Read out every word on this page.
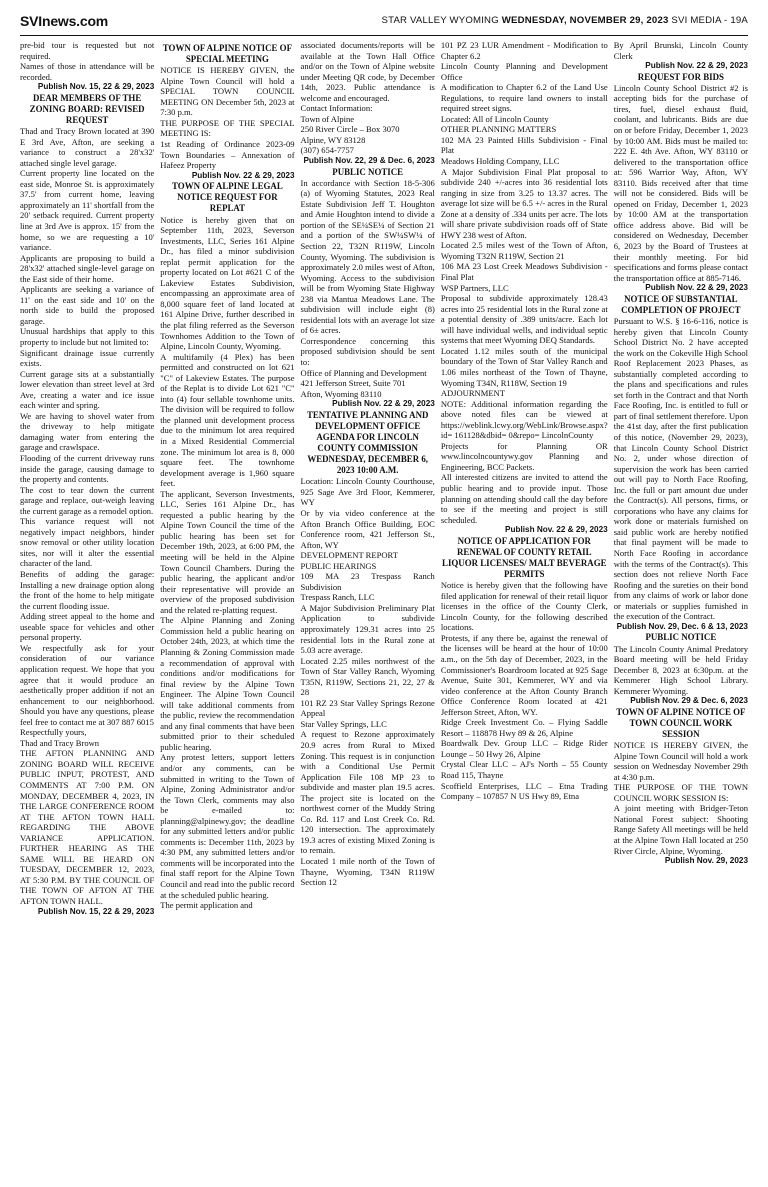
SVInews.com	STAR VALLEY WYOMING WEDNESDAY, NOVEMBER 29, 2023 SVI MEDIA - 19A

pre-bid tour is requested but not required.

Names of those in attendance will be recorded.

Publish Nov. 15, 22 & 29, 2023

DEAR MEMBERS OF THE ZONING BOARD: REVISED REQUEST

Thad and Tracy Brown located at 390 E 3rd Ave, Afton, are seeking a variance to construct a 28'x32' attached single level garage.

Current property line located on the east side, Monroe St. is approximately 37.5' from current home, leaving approximately an 11' shortfall from the 20' setback required. Current property line at 3rd Ave is approx. 15' from the home, so we are requesting a 10' variance.

Applicants are proposing to build a 28'x32' attached single-level garage on the East side of their home.

Applicants are seeking a variance of 11' on the east side and 10' on the north side to build the proposed garage.

Unusual hardships that apply to this property to include but not limited to:

Significant drainage issue currently exists.

Current garage sits at a substantially lower elevation than street level at 3rd Ave, creating a water and ice issue each winter and spring.

We are having to shovel water from the driveway to help mitigate damaging water from entering the garage and crawlspace.

Flooding of the current driveway runs inside the garage, causing damage to the property and contents.

The cost to tear down the current garage and replace, out-weigh leaving the current garage as a remodel option.

This variance request will not negatively impact neighbors, hinder snow removal or other utility location sites, nor will it alter the essential character of the land.

Benefits of adding the garage: Installing a new drainage option along the front of the home to help mitigate the current flooding issue.

Adding street appeal to the home and useable space for vehicles and other personal property.

We respectfully ask for your consideration of our variance application request. We hope that you agree that it would produce an aesthetically proper addition if not an enhancement to our neighborhood. Should you have any questions, please feel free to contact me at 307 887 6015

Respectfully yours,

Thad and Tracy Brown

THE AFTON PLANNING AND ZONING BOARD WILL RECEIVE PUBLIC INPUT, PROTEST, AND COMMENTS AT 7:00 P.M. ON MONDAY, DECEMBER 4, 2023, IN THE LARGE CONFERENCE ROOM AT THE AFTON TOWN HALL REGARDING THE ABOVE VARIANCE APPLICATION. FURTHER HEARING AS THE SAME WILL BE HEARD ON TUESDAY, DECEMBER 12, 2023, AT 5:30 P.M. BY THE COUNCIL OF THE TOWN OF AFTON AT THE AFTON TOWN HALL.

Publish Nov. 15, 22 & 29, 2023

TOWN OF ALPINE NOTICE OF SPECIAL MEETING

NOTICE IS HEREBY GIVEN, the Alpine Town Council will hold a SPECIAL TOWN COUNCIL MEETING ON December 5th, 2023 at 7:30 p.m.

THE PURPOSE OF THE SPECIAL MEETING IS:

1st Reading of Ordinance 2023-09 Town Boundaries – Annexation of Hafeez Property

Publish Nov. 22 & 29, 2023

TOWN OF ALPINE LEGAL NOTICE REQUEST FOR REPLAT

Notice is hereby given that on September 11th, 2023, Severson Investments, LLC, Series 161 Alpine Dr., has filed a minor subdivision replat permit application for the property located on Lot #621 C of the Lakeview Estates Subdivision, encompassing an approximate area of 8,000 square feet of land located at 161 Alpine Drive, further described in the plat filing referred as the Severson Townhomes Addition to the Town of Alpine, Lincoln County, Wyoming.

A multifamily (4 Plex) has been permitted and constructed on lot 621 "C" of Lakeview Estates. The purpose of the Replat is to divide Lot 621 "C" into (4) four sellable townhome units. The division will be required to follow the planned unit development process due to the minimum lot area required in a Mixed Residential Commercial zone. The minimum lot area is 8, 000 square feet. The townhome development average is 1,960 square feet.

The applicant, Severson Investments, LLC, Series 161 Alpine Dr., has requested a public hearing by the Alpine Town Council the time of the public hearing has been set for December 19th, 2023, at 6:00 PM, the meeting will be held in the Alpine Town Council Chambers. During the public hearing, the applicant and/or their representative will provide an overview of the proposed subdivision and the related re-platting request.

The Alpine Planning and Zoning Commission held a public hearing on October 24th, 2023, at which time the Planning & Zoning Commission made a recommendation of approval with conditions and/or modifications for final review by the Alpine Town Engineer. The Alpine Town Council will take additional comments from the public, review the recommendation and any final comments that have been submitted prior to their scheduled public hearing.

Any protest letters, support letters and/or any comments, can be submitted in writing to the Town of Alpine, Zoning Administrator and/or the Town Clerk, comments may also be e-mailed to: planning@alpinewy.gov; the deadline for any submitted letters and/or public comments is: December 11th, 2023 by 4:30 PM, any submitted letters and/or comments will be incorporated into the final staff report for the Alpine Town Council and read into the public record at the scheduled public hearing.

The permit application and

associated documents/reports will be available at the Town Hall Office and/or on the Town of Alpine website under Meeting QR code, by December 14th, 2023. Public attendance is welcome and encouraged.

Contact Information:

Town of Alpine

250 River Circle – Box 3070

Alpine, WY 83128

(307) 654-7757

Publish Nov. 22, 29 & Dec. 6, 2023

PUBLIC NOTICE

In accordance with Section 18-5-306 (a) of Wyoming Statutes, 2023 Real Estate Subdivision Jeff T. Houghton and Amie Houghton intend to divide a portion of the SE¼SE¼ of Section 21 and a portion of the SW¼SW¼ of Section 22, T32N R119W, Lincoln County, Wyoming. The subdivision is approximately 2.0 miles west of Afton, Wyoming. Access to the subdivision will be from Wyoming State Highway 238 via Mantua Meadows Lane. The subdivision will include eight (8) residential lots with an average lot size of 6± acres.

Correspondence concerning this proposed subdivision should be sent to:

Office of Planning and Development

421 Jefferson Street, Suite 701

Afton, Wyoming 83110

Publish Nov. 22 & 29, 2023

TENTATIVE PLANNING AND DEVELOPMENT OFFICE AGENDA FOR LINCOLN COUNTY COMMISSION WEDNESDAY, DECEMBER 6, 2023 10:00 A.M.

Location: Lincoln County Courthouse, 925 Sage Ave 3rd Floor, Kemmerer, WY

Or by via video conference at the Afton Branch Office Building, EOC Conference room, 421 Jefferson St., Afton, WY

DEVELOPMENT REPORT

PUBLIC HEARINGS

109 MA 23 Trespass Ranch Subdivision

Trespass Ranch, LLC

A Major Subdivision Preliminary Plat Application to subdivide approximately 129.31 acres into 25 residential lots in the Rural zone at 5.03 acre average.

Located 2.25 miles northwest of the Town of Star Valley Ranch, Wyoming T35N, R119W, Sections 21, 22, 27 & 28

101 RZ 23 Star Valley Springs Rezone Appeal

Star Valley Springs, LLC

A request to Rezone approximately 20.9 acres from Rural to Mixed Zoning. This request is in conjunction with a Conditional Use Permit Application File 108 MP 23 to subdivide and master plan 19.5 acres. The project site is located on the northwest corner of the Muddy String Co. Rd. 117 and Lost Creek Co. Rd. 120 intersection. The approximately 19.3 acres of existing Mixed Zoning is to remain.

Located 1 mile north of the Town of Thayne, Wyoming, T34N R119W Section 12

101 PZ 23 LUR Amendment - Modification to Chapter 6.2

Lincoln County Planning and Development Office

A modification to Chapter 6.2 of the Land Use Regulations, to require land owners to install required street signs.

Located: All of Lincoln County

OTHER PLANNING MATTERS

102 MA 23 Painted Hills Subdivision - Final Plat

Meadows Holding Company, LLC

A Major Subdivision Final Plat proposal to subdivide 240 +/-acres into 36 residential lots ranging in size from 3.25 to 13.37 acres. The average lot size will be 6.5 +/- acres in the Rural Zone at a density of .334 units per acre. The lots will share private subdivision roads off of State HWY 238 west of Afton.

Located 2.5 miles west of the Town of Afton, Wyoming T32N R119W, Section 21

106 MA 23 Lost Creek Meadows Subdivision - Final Plat

WSP Partners, LLC

Proposal to subdivide approximately 128.43 acres into 25 residential lots in the Rural zone at a potential density of .389 units/acre. Each lot will have individual wells, and individual septic systems that meet Wyoming DEQ Standards.

Located 1.12 miles south of the municipal boundary of the Town of Star Valley Ranch and 1.06 miles northeast of the Town of Thayne, Wyoming T34N, R118W, Section 19

ADJOURNMENT

NOTE: Additional information regarding the above noted files can be viewed at https://weblink.lcwy.org/WebLink/Browse.aspx?id= 161128&dbid= 0&repo= LincolnCounty

Projects for Planning OR www.lincolncountywy.gov Planning and Engineering, BCC Packets.

All interested citizens are invited to attend the public hearing and to provide input. Those planning on attending should call the day before to see if the meeting and project is still scheduled.

Publish Nov. 22 & 29, 2023

NOTICE OF APPLICATION FOR RENEWAL OF COUNTY RETAIL LIQUOR LICENSES/ MALT BEVERAGE PERMITS

Notice is hereby given that the following have filed application for renewal of their retail liquor licenses in the office of the County Clerk, Lincoln County, for the following described locations.

Protests, if any there be, against the renewal of the licenses will be heard at the hour of 10:00 a.m., on the 5th day of December, 2023, in the Commissioner's Boardroom located at 925 Sage Avenue, Suite 301, Kemmerer, WY and via video conference at the Afton County Branch Office Conference Room located at 421 Jefferson Street, Afton, WY.

Ridge Creek Investment Co. – Flying Saddle Resort – 118878 Hwy 89 & 26, Alpine

Boardwalk Dev. Group LLC – Ridge Rider Lounge – 50 Hwy 26, Alpine

Crystal Clear LLC – AJ's North – 55 County Road 115, Thayne

Scoffield Enterprises, LLC – Etna Trading Company – 107857 N US Hwy 89, Etna

By April Brunski, Lincoln County Clerk

Publish Nov. 22 & 29, 2023

REQUEST FOR BIDS

Lincoln County School District #2 is accepting bids for the purchase of tires, fuel, diesel exhaust fluid, coolant, and lubricants. Bids are due on or before Friday, December 1, 2023 by 10:00 AM. Bids must be mailed to: 222 E. 4th Ave. Afton, WY 83110 or delivered to the transportation office at: 596 Warrior Way, Afton, WY 83110. Bids received after that time will not be considered. Bids will be opened on Friday, December 1, 2023 by 10:00 AM at the transportation office address above. Bid will be considered on Wednesday, December 6, 2023 by the Board of Trustees at their monthly meeting. For bid specifications and forms please contact the transportation office at 885-7146.

Publish Nov. 22 & 29, 2023

NOTICE OF SUBSTANTIAL COMPLETION OF PROJECT

Pursuant to W.S. § 16-6-116, notice is hereby given that Lincoln County School District No. 2 have accepted the work on the Cokeville High School Roof Replacement 2023 Phases, as substantially completed according to the plans and specifications and rules set forth in the Contract and that North Face Roofing, Inc. is entitled to full or part of final settlement therefore. Upon the 41st day, after the first publication of this notice, (November 29, 2023), that Lincoln County School District No. 2, under whose direction of supervision the work has been carried out will pay to North Face Roofing, Inc. the full or part amount due under the Contract(s). All persons, firms, or corporations who have any claims for work done or materials furnished on said public work are hereby notified that final payment will be made to North Face Roofing in accordance with the terms of the Contract(s). This section does not relieve North Face Roofing and the sureties on their bond from any claims of work or labor done or materials or supplies furnished in the execution of the Contract.

Publish Nov. 29, Dec. 6 & 13, 2023

PUBLIC NOTICE

The Lincoln County Animal Predatory Board meeting will be held Friday December 8, 2023 at 6:30p.m. at the Kemmerer High School Library. Kemmerer Wyoming.

Publish Nov. 29 & Dec. 6, 2023

TOWN OF ALPINE NOTICE OF TOWN COUNCIL WORK SESSION

NOTICE IS HEREBY GIVEN, the Alpine Town Council will hold a work session on Wednesday November 29th at 4:30 p.m.

THE PURPOSE OF THE TOWN COUNCIL WORK SESSION IS:

A joint meeting with Bridger-Teton National Forest subject: Shooting Range Safety All meetings will be held at the Alpine Town Hall located at 250 River Circle, Alpine, Wyoming.

Publish Nov. 29, 2023
